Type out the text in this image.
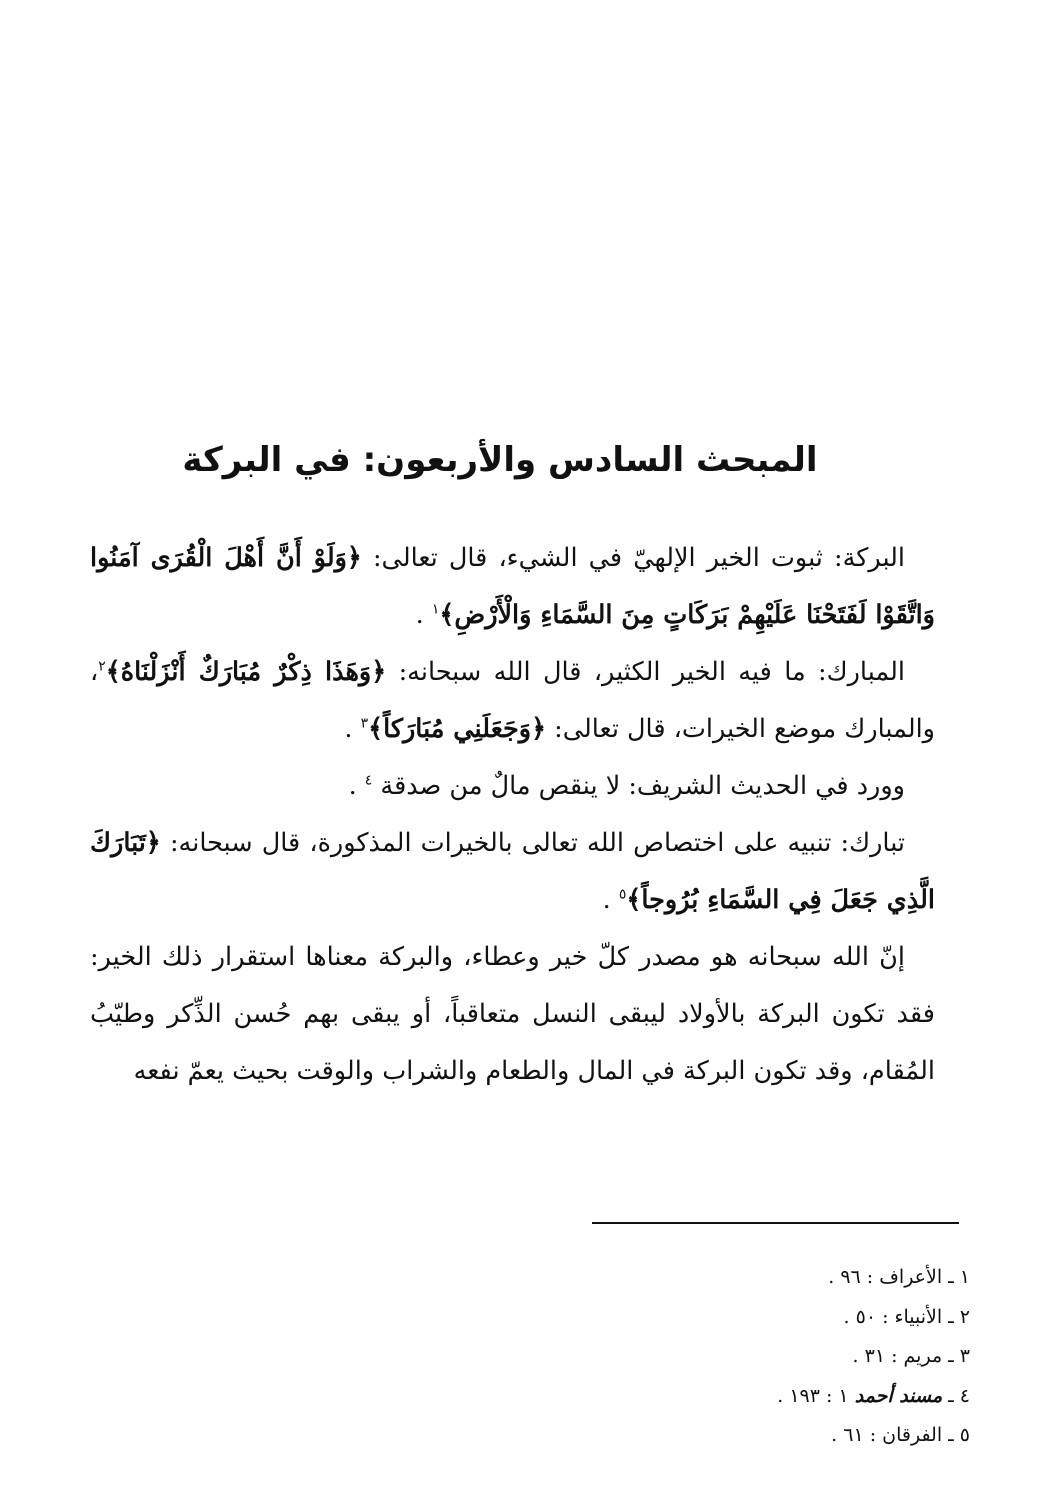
المبحث السادس والأربعون: في البركة

البركة: ثبوت الخير الإلهيّ في الشيء، قال تعالى: ﴿وَلَوْ أَنَّ أَهْلَ الْقُرَى آمَنُوا وَاتَّقَوْا لَفَتَحْنَا عَلَيْهِمْ بَرَكَاتٍ مِنَ السَّمَاءِ وَالْأَرْضِ﴾$^١$ .

المبارك: ما فيه الخير الكثير، قال الله سبحانه: ﴿وَهَذَا ذِكْرٌ مُبَارَكٌ أَنْزَلْنَاهُ﴾$^٢$، والمبارك موضع الخيرات، قال تعالى: ﴿وَجَعَلَنِي مُبَارَكاً﴾$^٣$ .

وورد في الحديث الشريف: لا ينقص مالٌ من صدقة $^٤$ .

تبارك: تنبيه على اختصاص الله تعالى بالخيرات المذكورة، قال سبحانه: ﴿تَبَارَكَ الَّذِي جَعَلَ فِي السَّمَاءِ بُرُوجاً﴾$^٥$ .

إنّ الله سبحانه هو مصدر كلّ خير وعطاء، والبركة معناها استقرار ذلك الخير: فقد تكون البركة بالأولاد ليبقى النسل متعاقباً، أو يبقى بهم حُسن الذِّكر وطيّبُ المُقام، وقد تكون البركة في المال والطعام والشراب والوقت بحيث يعمّ نفعه

١ ـ الأعراف : ٩٦ .
٢ ـ الأنبياء : ٥٠ .
٣ ـ مريم : ٣١ .
٤ ـ مسند أحمد ١ : ١٩٣ .
٥ ـ الفرقان : ٦١ .
